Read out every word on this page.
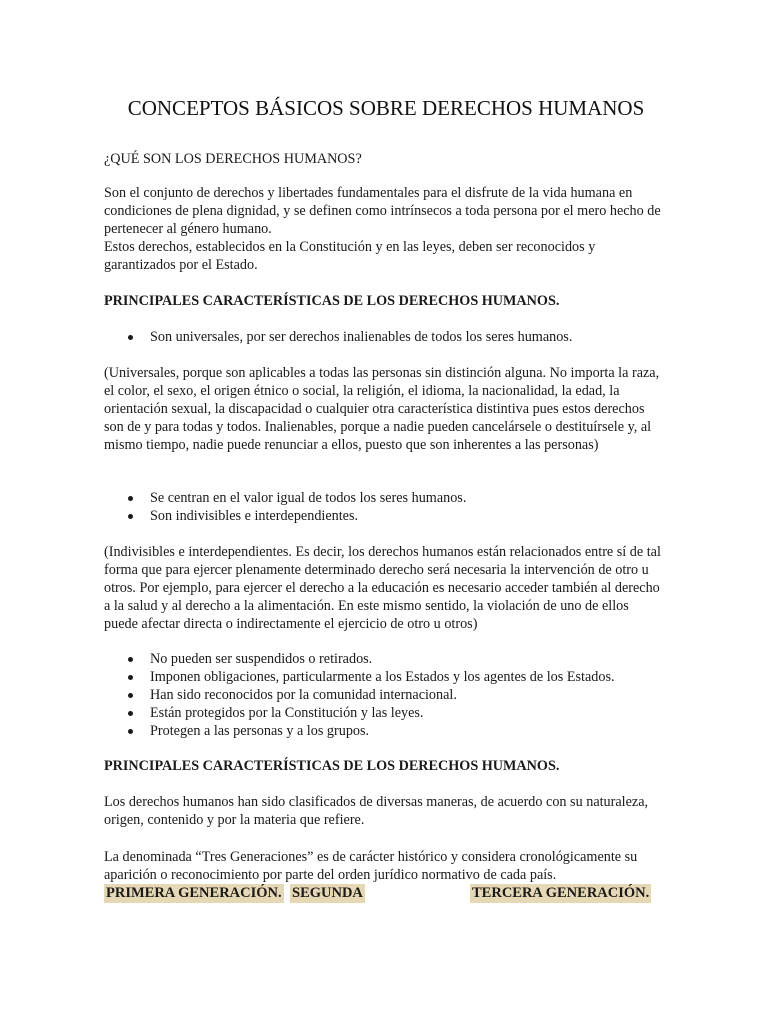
CONCEPTOS BÁSICOS SOBRE DERECHOS HUMANOS

¿QUÉ SON LOS DERECHOS HUMANOS?

Son el conjunto de derechos y libertades fundamentales para el disfrute de la vida humana en condiciones de plena dignidad, y se definen como intrínsecos a toda persona por el mero hecho de pertenecer al género humano.

Estos derechos, establecidos en la Constitución y en las leyes, deben ser reconocidos y garantizados por el Estado.

PRINCIPALES CARACTERÍSTICAS DE LOS DERECHOS HUMANOS.

Son universales, por ser derechos inalienables de todos los seres humanos.

(Universales, porque son aplicables a todas las personas sin distinción alguna. No importa la raza, el color, el sexo, el origen étnico o social, la religión, el idioma, la nacionalidad, la edad, la orientación sexual, la discapacidad o cualquier otra característica distintiva pues estos derechos son de y para todas y todos. Inalienables, porque a nadie pueden cancelársele o destituírsele y, al mismo tiempo, nadie puede renunciar a ellos, puesto que son inherentes a las personas)

Se centran en el valor igual de todos los seres humanos.
Son indivisibles e interdependientes.

(Indivisibles e interdependientes. Es decir, los derechos humanos están relacionados entre sí de tal forma que para ejercer plenamente determinado derecho será necesaria la intervención de otro u otros. Por ejemplo, para ejercer el derecho a la educación es necesario acceder también al derecho a la salud y al derecho a la alimentación. En este mismo sentido, la violación de uno de ellos puede afectar directa o indirectamente el ejercicio de otro u otros)

No pueden ser suspendidos o retirados.
Imponen obligaciones, particularmente a los Estados y los agentes de los Estados.
Han sido reconocidos por la comunidad internacional.
Están protegidos por la Constitución y las leyes.
Protegen a las personas y a los grupos.

PRINCIPALES CARACTERÍSTICAS DE LOS DERECHOS HUMANOS.

Los derechos humanos han sido clasificados de diversas maneras, de acuerdo con su naturaleza, origen, contenido y por la materia que refiere.

La denominada “Tres Generaciones” es de carácter histórico y considera cronológicamente su aparición o reconocimiento por parte del orden jurídico normativo de cada país.

PRIMERA GENERACIÓN. SEGUNDA	TERCERA GENERACIÓN.
